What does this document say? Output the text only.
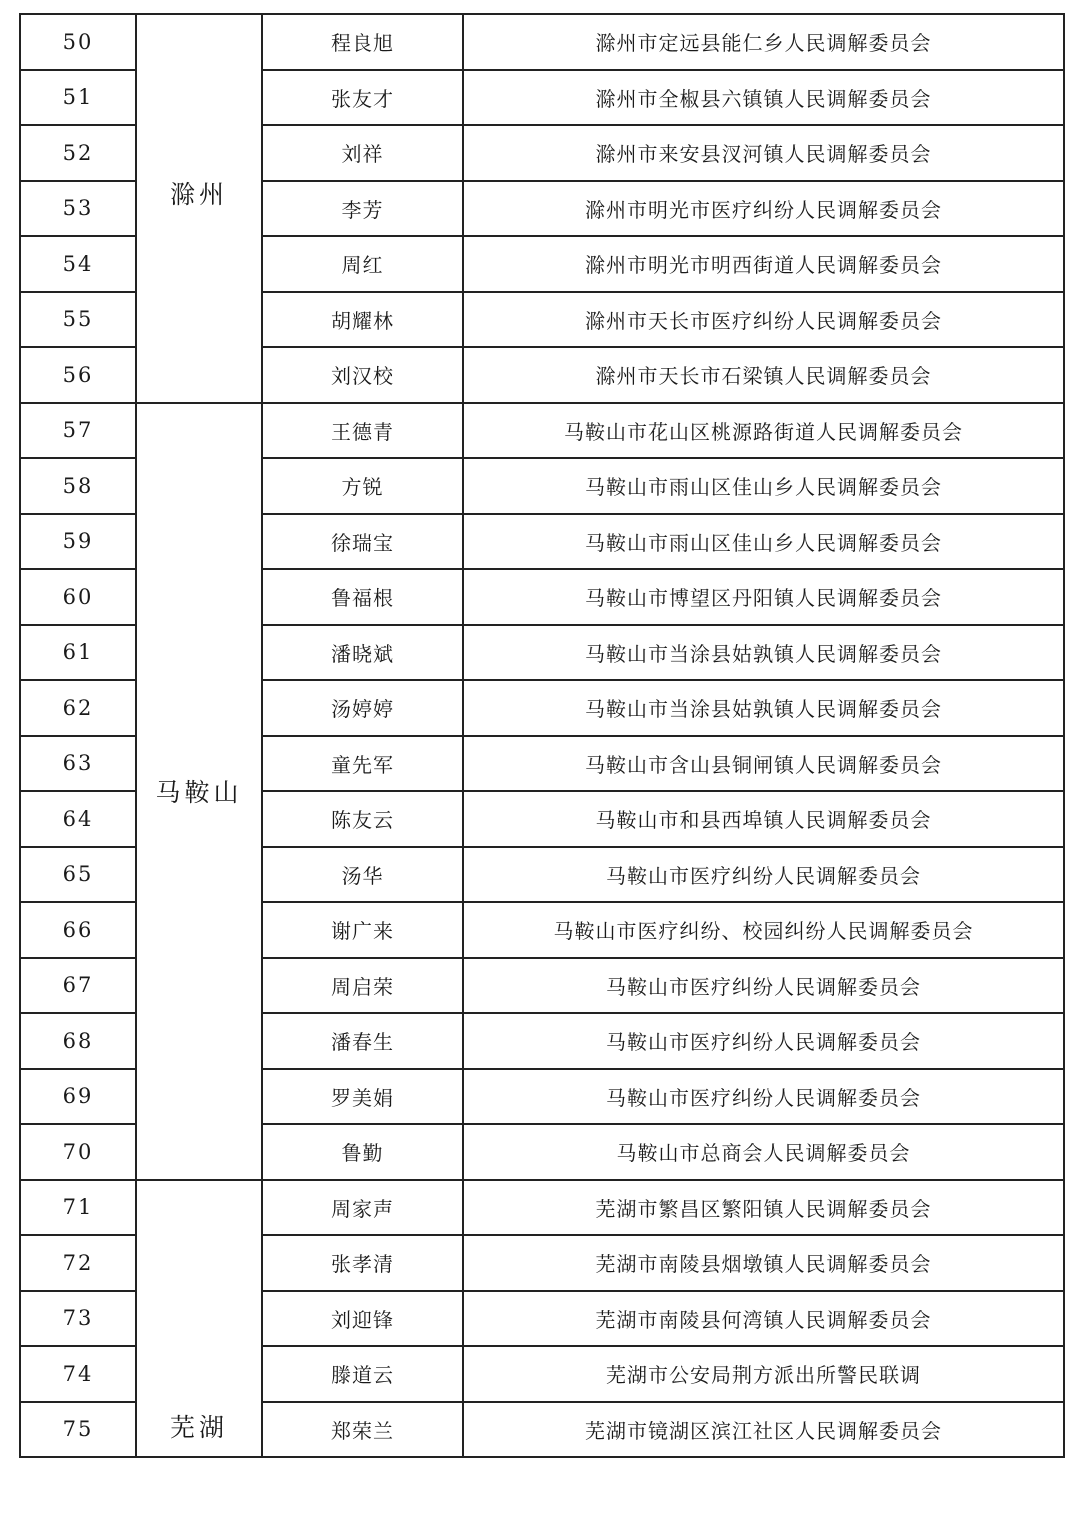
50	滁州	程良旭	滁州市定远县能仁乡人民调解委员会
51		张友才	滁州市全椒县六镇镇人民调解委员会
52		刘祥	滁州市来安县汊河镇人民调解委员会
53		李芳	滁州市明光市医疗纠纷人民调解委员会
54		周红	滁州市明光市明西街道人民调解委员会
55		胡耀林	滁州市天长市医疗纠纷人民调解委员会
56		刘汉校	滁州市天长市石梁镇人民调解委员会
57	马鞍山	王德青	马鞍山市花山区桃源路街道人民调解委员会
58		方锐	马鞍山市雨山区佳山乡人民调解委员会
59		徐瑞宝	马鞍山市雨山区佳山乡人民调解委员会
60		鲁福根	马鞍山市博望区丹阳镇人民调解委员会
61		潘晓斌	马鞍山市当涂县姑孰镇人民调解委员会
62		汤婷婷	马鞍山市当涂县姑孰镇人民调解委员会
63		童先军	马鞍山市含山县铜闸镇人民调解委员会
64		陈友云	马鞍山市和县西埠镇人民调解委员会
65		汤华	马鞍山市医疗纠纷人民调解委员会
66		谢广来	马鞍山市医疗纠纷、校园纠纷人民调解委员会
67		周启荣	马鞍山市医疗纠纷人民调解委员会
68		潘春生	马鞍山市医疗纠纷人民调解委员会
69		罗美娟	马鞍山市医疗纠纷人民调解委员会
70		鲁勤	马鞍山市总商会人民调解委员会
71	芜湖	周家声	芜湖市繁昌区繁阳镇人民调解委员会
72		张孝清	芜湖市南陵县烟墩镇人民调解委员会
73		刘迎锋	芜湖市南陵县何湾镇人民调解委员会
74		滕道云	芜湖市公安局荆方派出所警民联调
75		郑荣兰	芜湖市镜湖区滨江社区人民调解委员会
